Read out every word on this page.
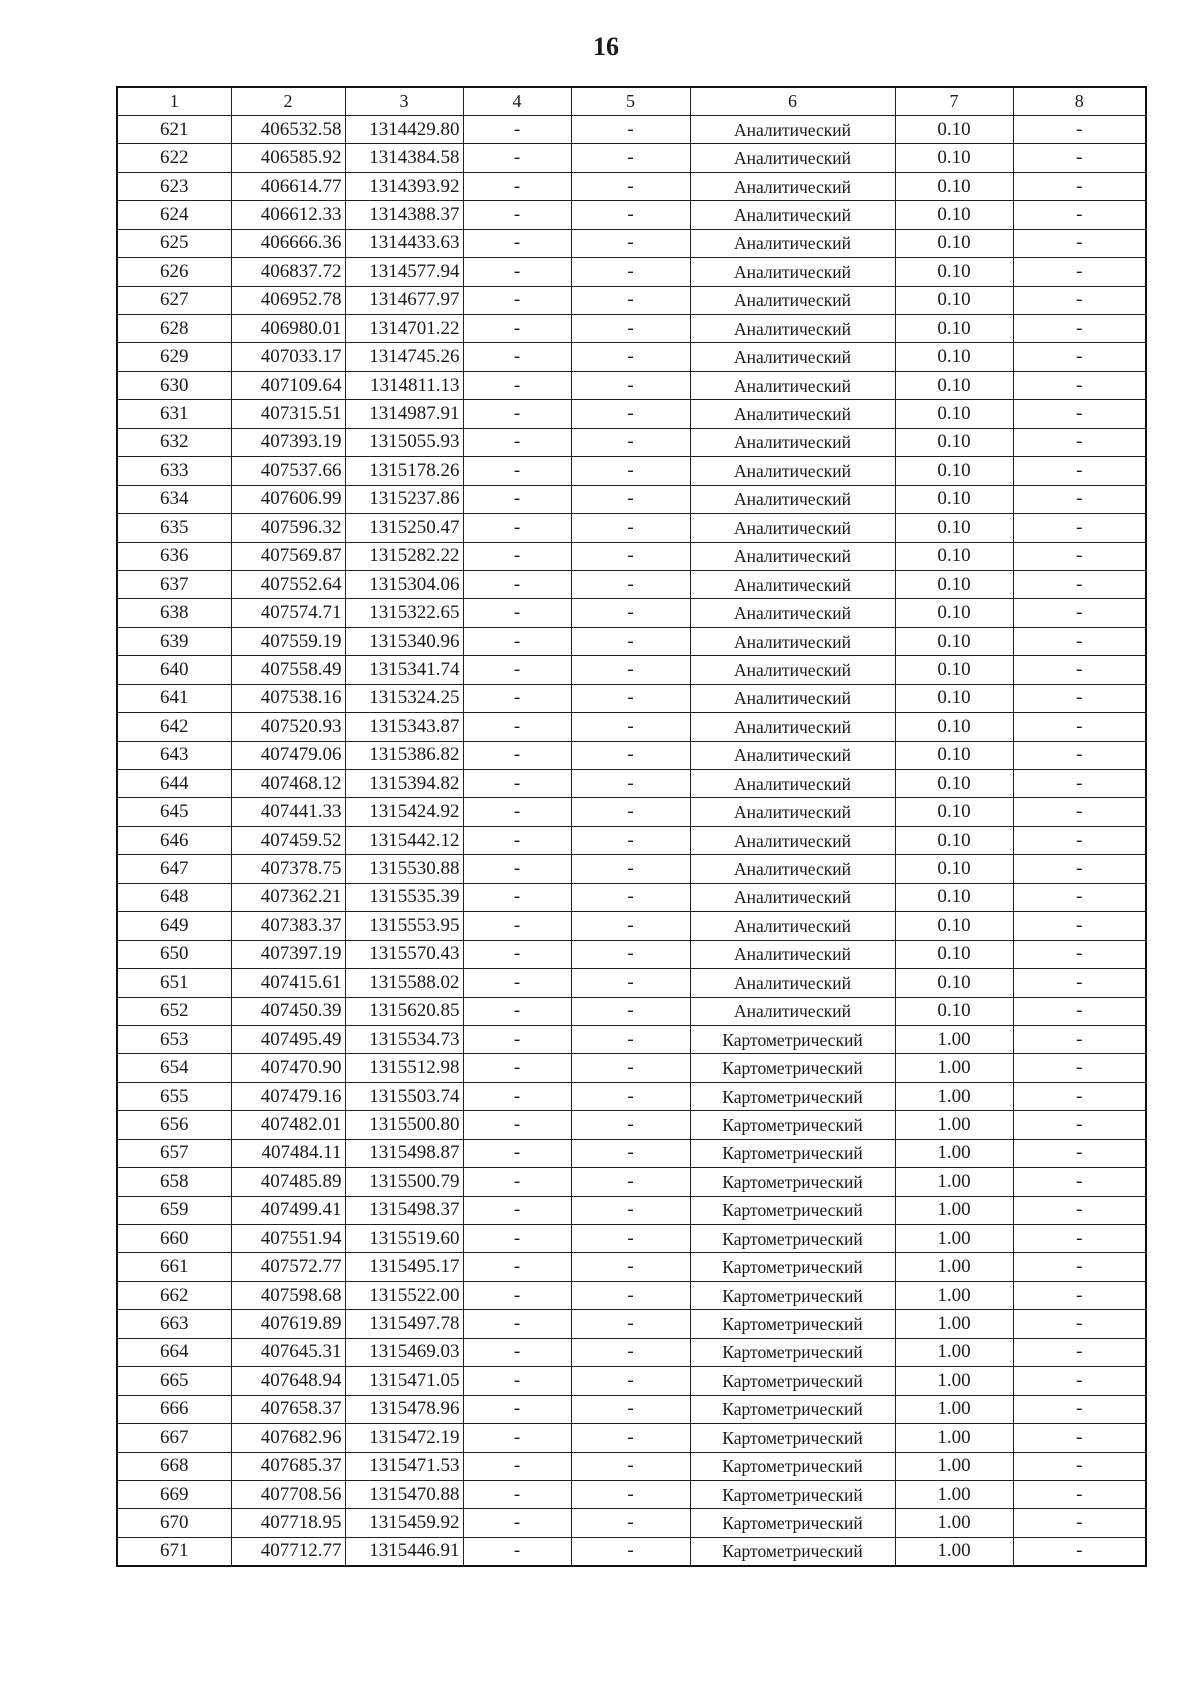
16
1	2	3	4	5	6	7	8
621	406532.58	1314429.80	-	-	Аналитический	0.10	-
622	406585.92	1314384.58	-	-	Аналитический	0.10	-
623	406614.77	1314393.92	-	-	Аналитический	0.10	-
624	406612.33	1314388.37	-	-	Аналитический	0.10	-
625	406666.36	1314433.63	-	-	Аналитический	0.10	-
626	406837.72	1314577.94	-	-	Аналитический	0.10	-
627	406952.78	1314677.97	-	-	Аналитический	0.10	-
628	406980.01	1314701.22	-	-	Аналитический	0.10	-
629	407033.17	1314745.26	-	-	Аналитический	0.10	-
630	407109.64	1314811.13	-	-	Аналитический	0.10	-
631	407315.51	1314987.91	-	-	Аналитический	0.10	-
632	407393.19	1315055.93	-	-	Аналитический	0.10	-
633	407537.66	1315178.26	-	-	Аналитический	0.10	-
634	407606.99	1315237.86	-	-	Аналитический	0.10	-
635	407596.32	1315250.47	-	-	Аналитический	0.10	-
636	407569.87	1315282.22	-	-	Аналитический	0.10	-
637	407552.64	1315304.06	-	-	Аналитический	0.10	-
638	407574.71	1315322.65	-	-	Аналитический	0.10	-
639	407559.19	1315340.96	-	-	Аналитический	0.10	-
640	407558.49	1315341.74	-	-	Аналитический	0.10	-
641	407538.16	1315324.25	-	-	Аналитический	0.10	-
642	407520.93	1315343.87	-	-	Аналитический	0.10	-
643	407479.06	1315386.82	-	-	Аналитический	0.10	-
644	407468.12	1315394.82	-	-	Аналитический	0.10	-
645	407441.33	1315424.92	-	-	Аналитический	0.10	-
646	407459.52	1315442.12	-	-	Аналитический	0.10	-
647	407378.75	1315530.88	-	-	Аналитический	0.10	-
648	407362.21	1315535.39	-	-	Аналитический	0.10	-
649	407383.37	1315553.95	-	-	Аналитический	0.10	-
650	407397.19	1315570.43	-	-	Аналитический	0.10	-
651	407415.61	1315588.02	-	-	Аналитический	0.10	-
652	407450.39	1315620.85	-	-	Аналитический	0.10	-
653	407495.49	1315534.73	-	-	Картометрический	1.00	-
654	407470.90	1315512.98	-	-	Картометрический	1.00	-
655	407479.16	1315503.74	-	-	Картометрический	1.00	-
656	407482.01	1315500.80	-	-	Картометрический	1.00	-
657	407484.11	1315498.87	-	-	Картометрический	1.00	-
658	407485.89	1315500.79	-	-	Картометрический	1.00	-
659	407499.41	1315498.37	-	-	Картометрический	1.00	-
660	407551.94	1315519.60	-	-	Картометрический	1.00	-
661	407572.77	1315495.17	-	-	Картометрический	1.00	-
662	407598.68	1315522.00	-	-	Картометрический	1.00	-
663	407619.89	1315497.78	-	-	Картометрический	1.00	-
664	407645.31	1315469.03	-	-	Картометрический	1.00	-
665	407648.94	1315471.05	-	-	Картометрический	1.00	-
666	407658.37	1315478.96	-	-	Картометрический	1.00	-
667	407682.96	1315472.19	-	-	Картометрический	1.00	-
668	407685.37	1315471.53	-	-	Картометрический	1.00	-
669	407708.56	1315470.88	-	-	Картометрический	1.00	-
670	407718.95	1315459.92	-	-	Картометрический	1.00	-
671	407712.77	1315446.91	-	-	Картометрический	1.00	-
